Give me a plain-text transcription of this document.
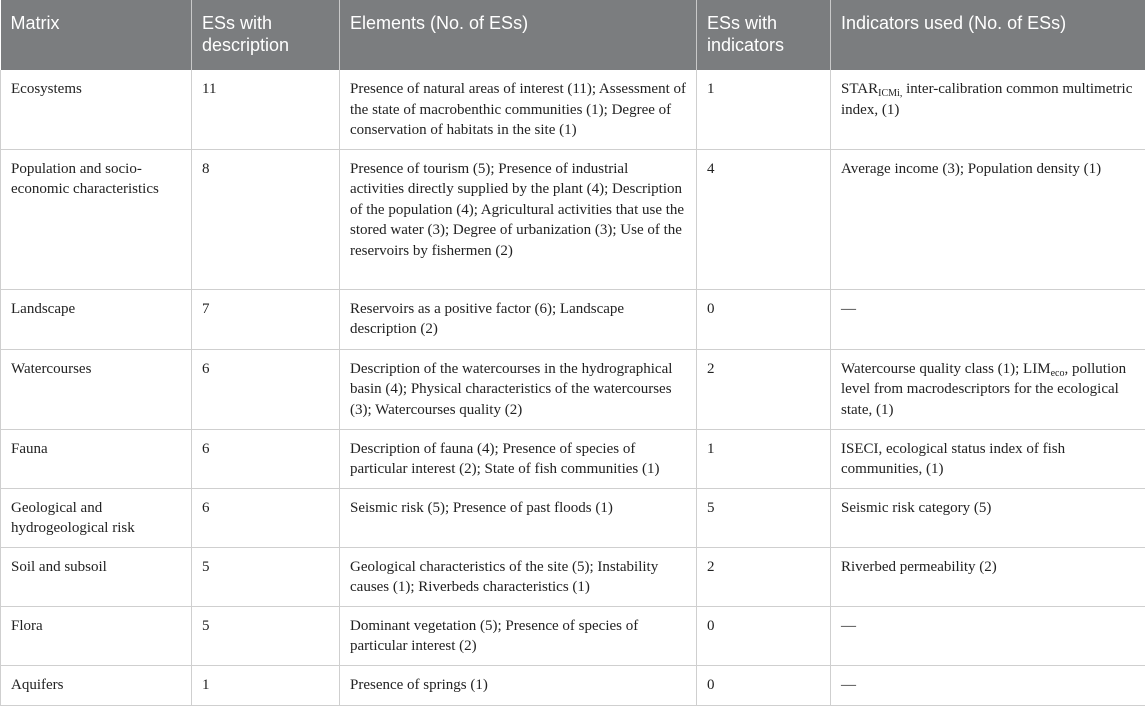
Matrix	ESs with description	Elements (No. of ESs)	ESs with indicators	Indicators used (No. of ESs)
Ecosystems	11	Presence of natural areas of interest (11); Assessment of the state of macrobenthic communities (1); Degree of conservation of habitats in the site (1)	1	$STAR_{ICMi,}$ inter-calibration common multimetric index, (1)
Population and socio-economic characteristics	8	Presence of tourism (5); Presence of industrial activities directly supplied by the plant (4); Description of the population (4); Agricultural activities that use the stored water (3); Degree of urbanization (3); Use of the reservoirs by fishermen (2)	4	Average income (3); Population density (1)
Landscape	7	Reservoirs as a positive factor (6); Landscape description (2)	0	—
Watercourses	6	Description of the watercourses in the hydrographical basin (4); Physical characteristics of the watercourses (3); Watercourses quality (2)	2	Watercourse quality class (1); $LIM_{eco}$, pollution level from macrodescriptors for the ecological state, (1)
Fauna	6	Description of fauna (4); Presence of species of particular interest (2); State of fish communities (1)	1	ISECI, ecological status index of fish communities, (1)
Geological and hydrogeological risk	6	Seismic risk (5); Presence of past floods (1)	5	Seismic risk category (5)
Soil and subsoil	5	Geological characteristics of the site (5); Instability causes (1); Riverbeds characteristics (1)	2	Riverbed permeability (2)
Flora	5	Dominant vegetation (5); Presence of species of particular interest (2)	0	—
Aquifers	1	Presence of springs (1)	0	—
